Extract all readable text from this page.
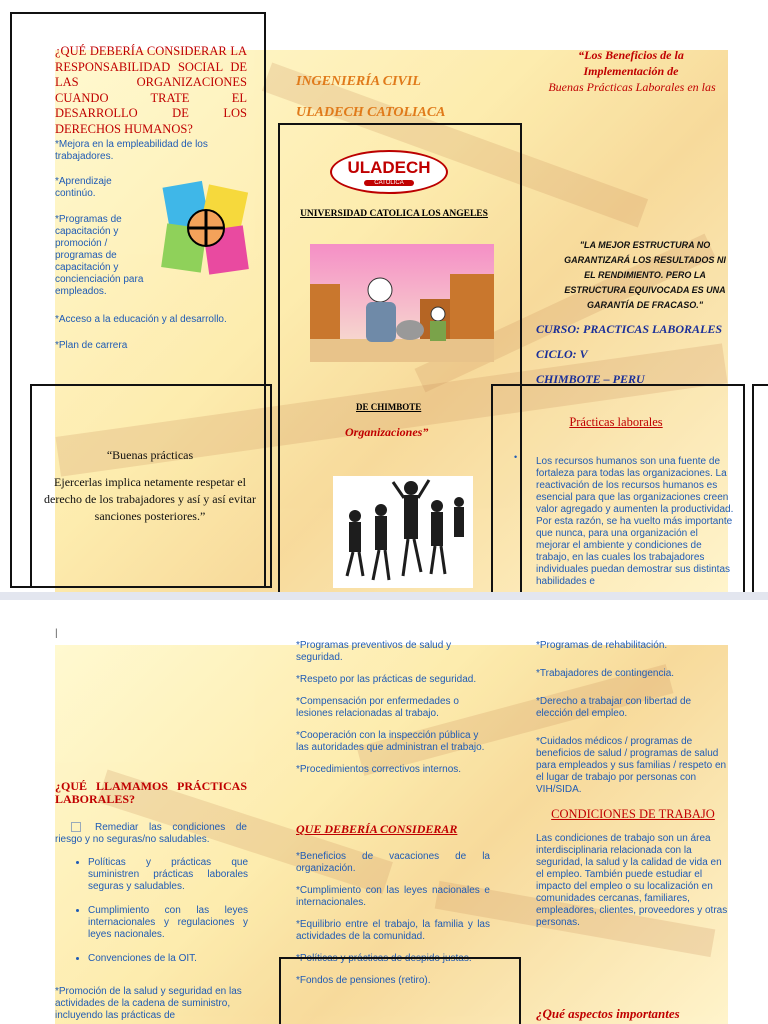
¿QUÉ DEBERÍA CONSIDERAR LA RESPONSABILIDAD SOCIAL DE LAS ORGANIZACIONES CUANDO TRATE EL DESARROLLO DE LOS DERECHOS HUMANOS?
*Mejora en la empleabilidad de los trabajadores.
*Aprendizaje continúo.
*Programas de capacitación y promoción / programas de capacitación y concienciación para empleados.
*Acceso a la educación y al desarrollo.
*Plan de carrera
“Buenas prácticas
Ejercerlas implica netamente respetar el derecho de los trabajadores y así y así evitar sanciones posteriores.”
INGENIERÍA CIVIL
ULADECH CATOLIACA
ULADECH
CATOLICA
UNIVERSIDAD CATOLICA LOS ANGELES
DE CHIMBOTE
Organizaciones”
“Los Beneficios de la
Implementación de
Buenas Prácticas Laborales en las
"LA MEJOR ESTRUCTURA NO GARANTIZARÁ LOS RESULTADOS NI EL RENDIMIENTO. PERO LA ESTRUCTURA EQUIVOCADA ES UNA GARANTÍA DE FRACASO."
CURSO: PRACTICAS LABORALES
CICLO: V
CHIMBOTE – PERU
Prácticas laborales
• Los recursos humanos son una fuente de fortaleza para todas las organizaciones. La reactivación de los recursos humanos es esencial para que las organizaciones creen valor agregado y aumenten la productividad. Por esta razón, se ha vuelto más importante que nunca, para una organización el mejorar el ambiente y condiciones de trabajo, en las cuales los trabajadores individuales puedan demostrar sus distintas habilidades e
|
¿QUÉ LLAMAMOS PRÁCTICAS LABORALES?
Remediar las condiciones de riesgo y no seguras/no saludables.
• Políticas y prácticas que suministren prácticas laborales seguras y saludables.
• Cumplimiento con las leyes internacionales y regulaciones y leyes nacionales.
• Convenciones de la OIT.
*Promoción de la salud y seguridad en las actividades de la cadena de suministro, incluyendo las prácticas de

*Programas preventivos de salud y seguridad.

*Respeto por las prácticas de seguridad.

*Compensación por enfermedades o lesiones relacionadas al trabajo.

*Cooperación con la inspección pública y las autoridades que administran el trabajo.

*Procedimientos correctivos internos.

QUE DEBERÍA CONSIDERAR

*Beneficios de vacaciones de la organización.

*Cumplimiento con las leyes nacionales e internacionales.

*Equilibrio entre el trabajo, la familia y las actividades de la comunidad.

*Políticas y prácticas de despido justas.

*Fondos de pensiones (retiro).

*Programas de rehabilitación.

*Trabajadores de contingencia.

*Derecho a trabajar con libertad de elección del empleo.

*Cuidados médicos / programas de beneficios de salud / programas de salud para empleados y sus familias / respeto en el lugar de trabajo por personas con VIH/SIDA.

CONDICIONES DE TRABAJO
Las condiciones de trabajo son un área interdisciplinaria relacionada con la seguridad, la salud y la calidad de vida en el empleo. También puede estudiar el impacto del empleo o su localización en comunidades cercanas, familiares, empleadores, clientes, proveedores y otras personas.
¿Qué aspectos importantes
